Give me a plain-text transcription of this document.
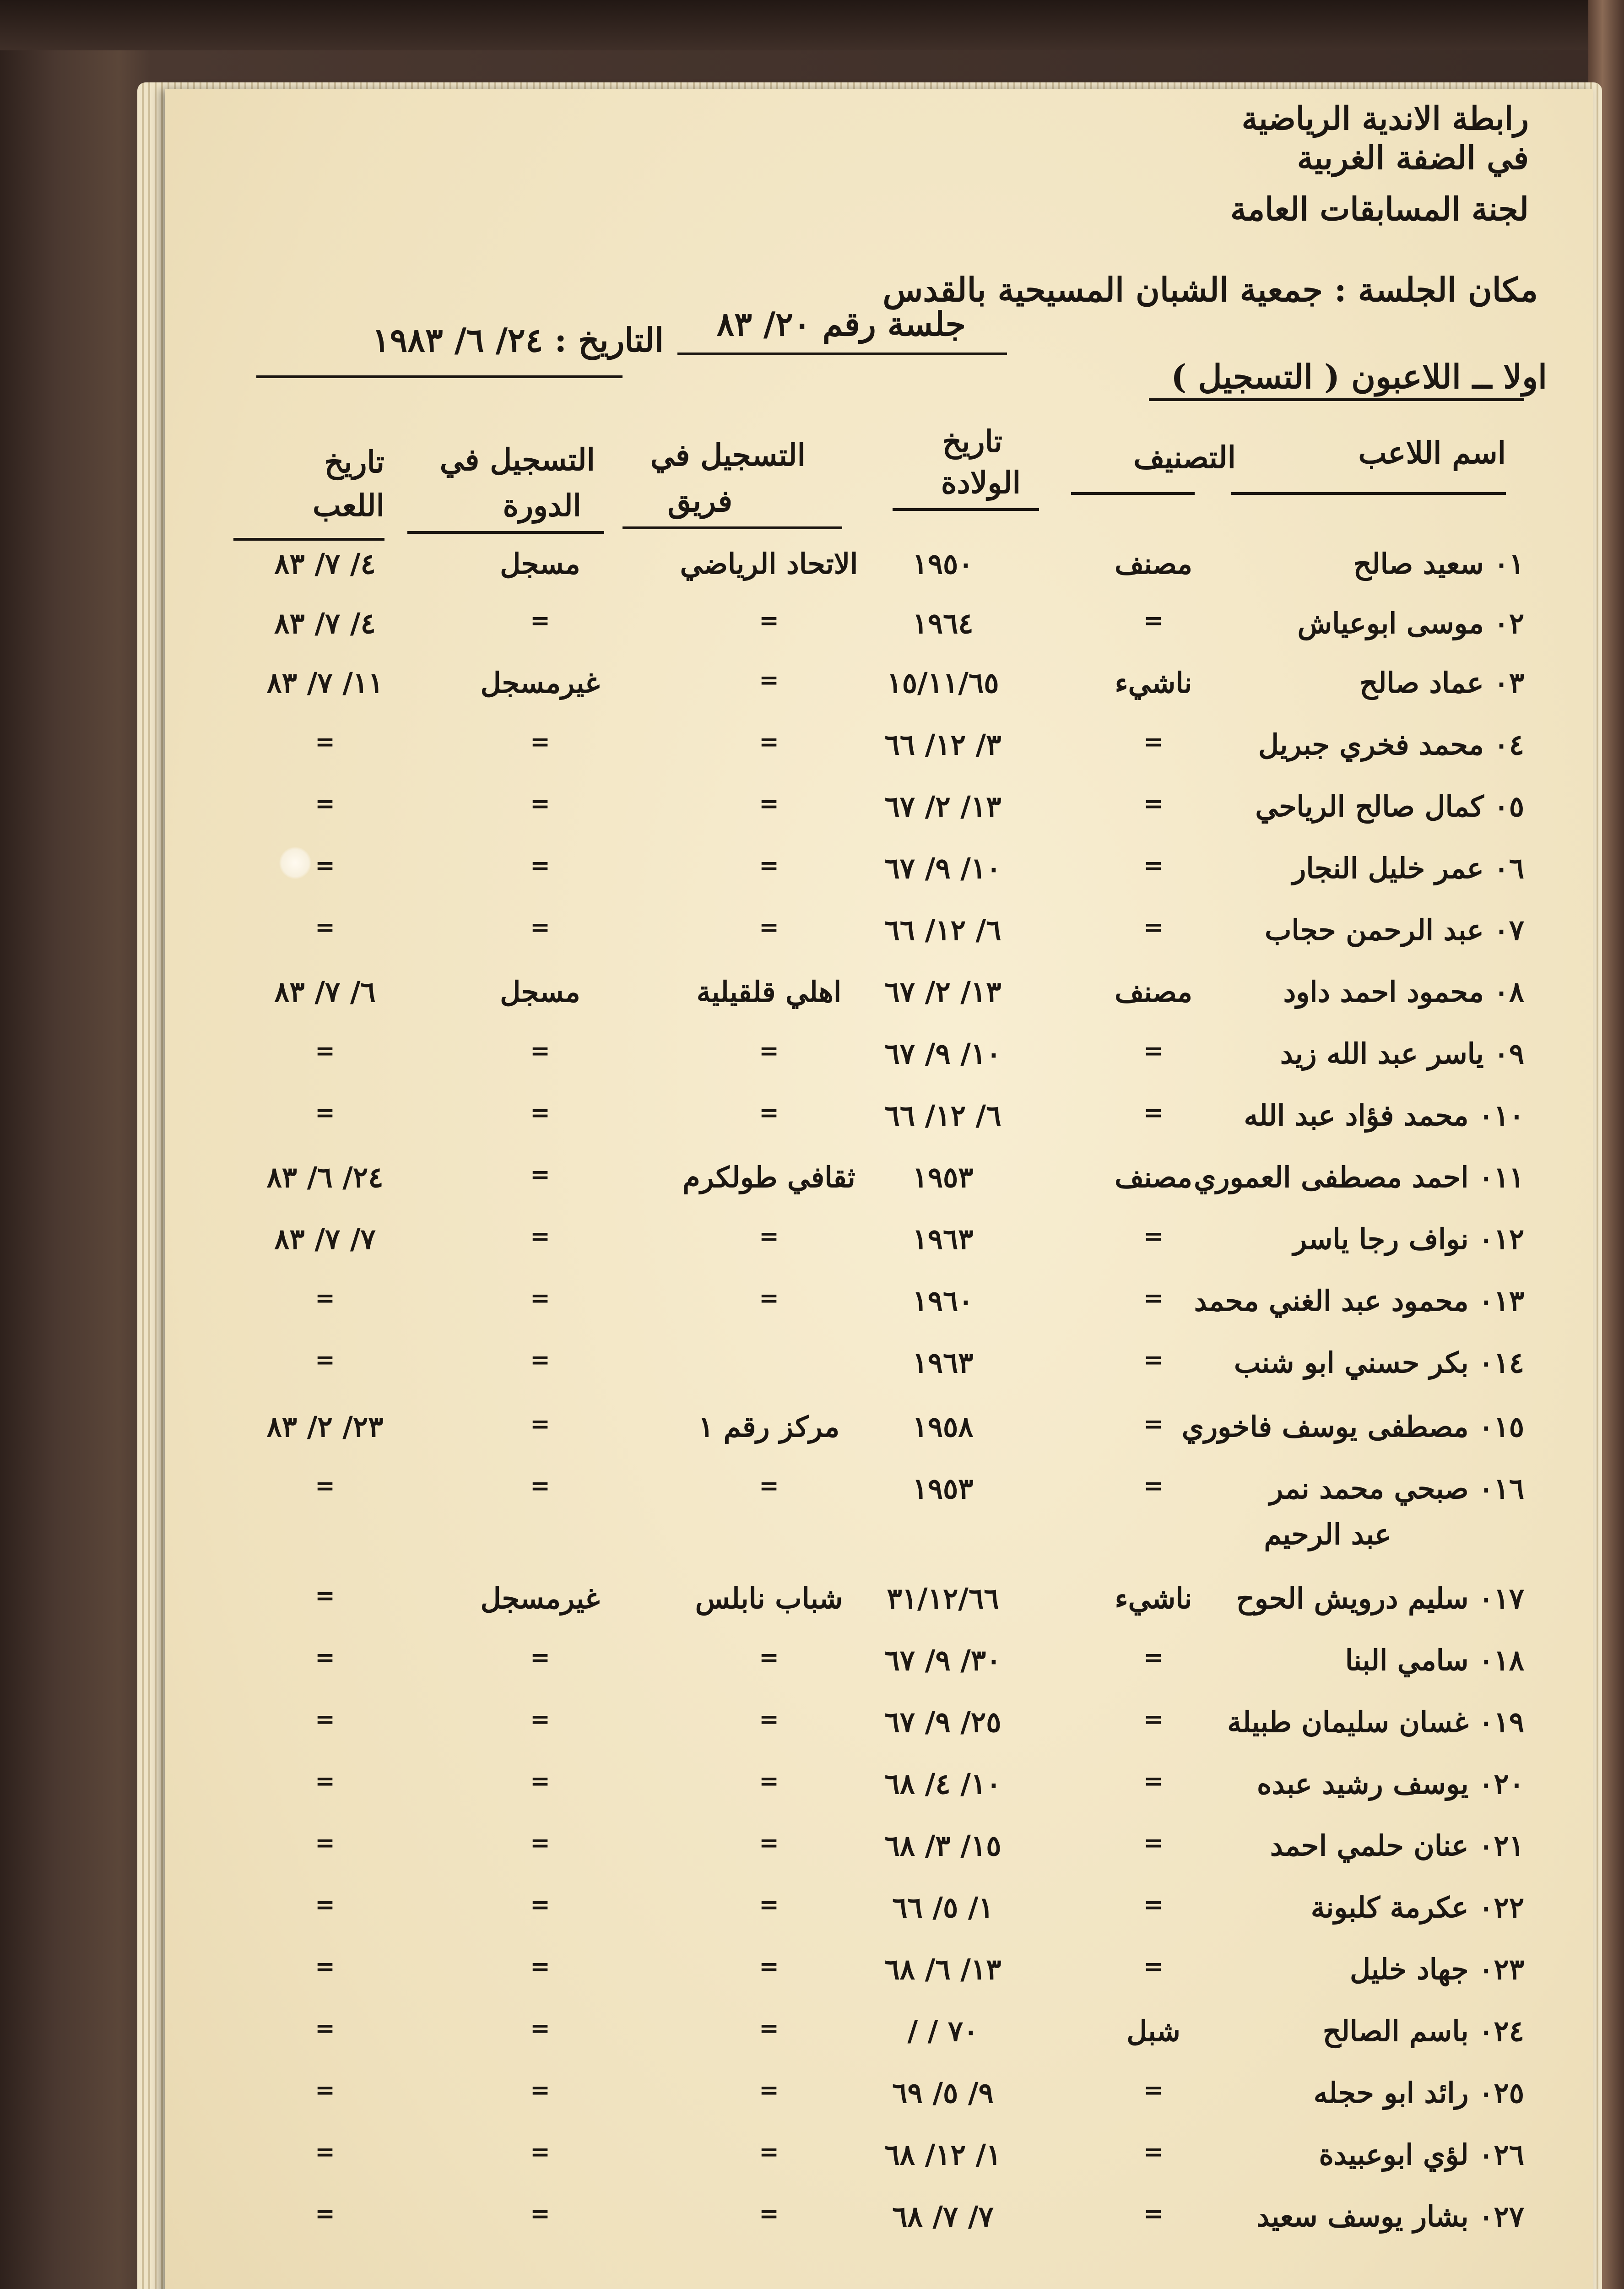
رابطة الاندية الرياضية
في الضفة الغربية
لجنة المسابقات العامة
مكان الجلسة : جمعية الشبان المسيحية بالقدس
جلسة رقم ٢٠/ ٨٣
التاريخ : ٢٤/ ٦/ ١٩٨٣
اولا ــ اللاعبون ( التسجيل )
اسم اللاعب
التصنيف
تاريخ
الولادة
التسجيل في
فريق
التسجيل في
الدورة
تاريخ
اللعب
٠١ سعيد صالح
مصنف
١٩٥٠
الاتحاد الرياضي
مسجل
٤/ ٧/ ٨٣
٠٢ موسى ابوعياش
=
١٩٦٤
=
=
٤/ ٧/ ٨٣
٠٣ عماد صالح
ناشيء
١٥/١١/٦٥
=
غيرمسجل
١١/ ٧/ ٨٣
٠٤ محمد فخري جبريل
=
٣/ ١٢/ ٦٦
=
=
=
٠٥ كمال صالح الرياحي
=
١٣/ ٢/ ٦٧
=
=
=
٠٦ عمر خليل النجار
=
١٠/ ٩/ ٦٧
=
=
=
٠٧ عبد الرحمن حجاب
=
٦/ ١٢/ ٦٦
=
=
=
٠٨ محمود احمد داود
مصنف
١٣/ ٢/ ٦٧
اهلي قلقيلية
مسجل
٦/ ٧/ ٨٣
٠٩ ياسر عبد الله زيد
=
١٠/ ٩/ ٦٧
=
=
=
٠١٠ محمد فؤاد عبد الله
=
٦/ ١٢/ ٦٦
=
=
=
٠١١ احمد مصطفى العموري
مصنف
١٩٥٣
ثقافي طولكرم
=
٢٤/ ٦/ ٨٣
٠١٢ نواف رجا ياسر
=
١٩٦٣
=
=
٧/ ٧/ ٨٣
٠١٣ محمود عبد الغني محمد
=
١٩٦٠
=
=
=
٠١٤ بكر حسني ابو شنب
=
١٩٦٣
=
=
٠١٥ مصطفى يوسف فاخوري
=
١٩٥٨
مركز رقم ١
=
٢٣/ ٢/ ٨٣
٠١٦ صبحي محمد نمر
=
١٩٥٣
=
=
=
عبد الرحيم
٠١٧ سليم درويش الحوح
ناشيء
٣١/١٢/٦٦
شباب نابلس
غيرمسجل
=
٠١٨ سامي البنا
=
٣٠/ ٩/ ٦٧
=
=
=
٠١٩ غسان سليمان طبيلة
=
٢٥/ ٩/ ٦٧
=
=
=
٠٢٠ يوسف رشيد عبده
=
١٠/ ٤/ ٦٨
=
=
=
٠٢١ عنان حلمي احمد
=
١٥/ ٣/ ٦٨
=
=
=
٠٢٢ عكرمة كلبونة
=
١/ ٥/ ٦٦
=
=
=
٠٢٣ جهاد خليل
=
١٣/ ٦/ ٦٨
=
=
=
٠٢٤ باسم الصالح
شبل
/ / ٧٠
=
=
=
٠٢٥ رائد ابو حجله
=
٩/ ٥/ ٦٩
=
=
=
٠٢٦ لؤي ابوعبيدة
=
١/ ١٢/ ٦٨
=
=
=
٠٢٧ بشار يوسف سعيد
=
٧/ ٧/ ٦٨
=
=
=
